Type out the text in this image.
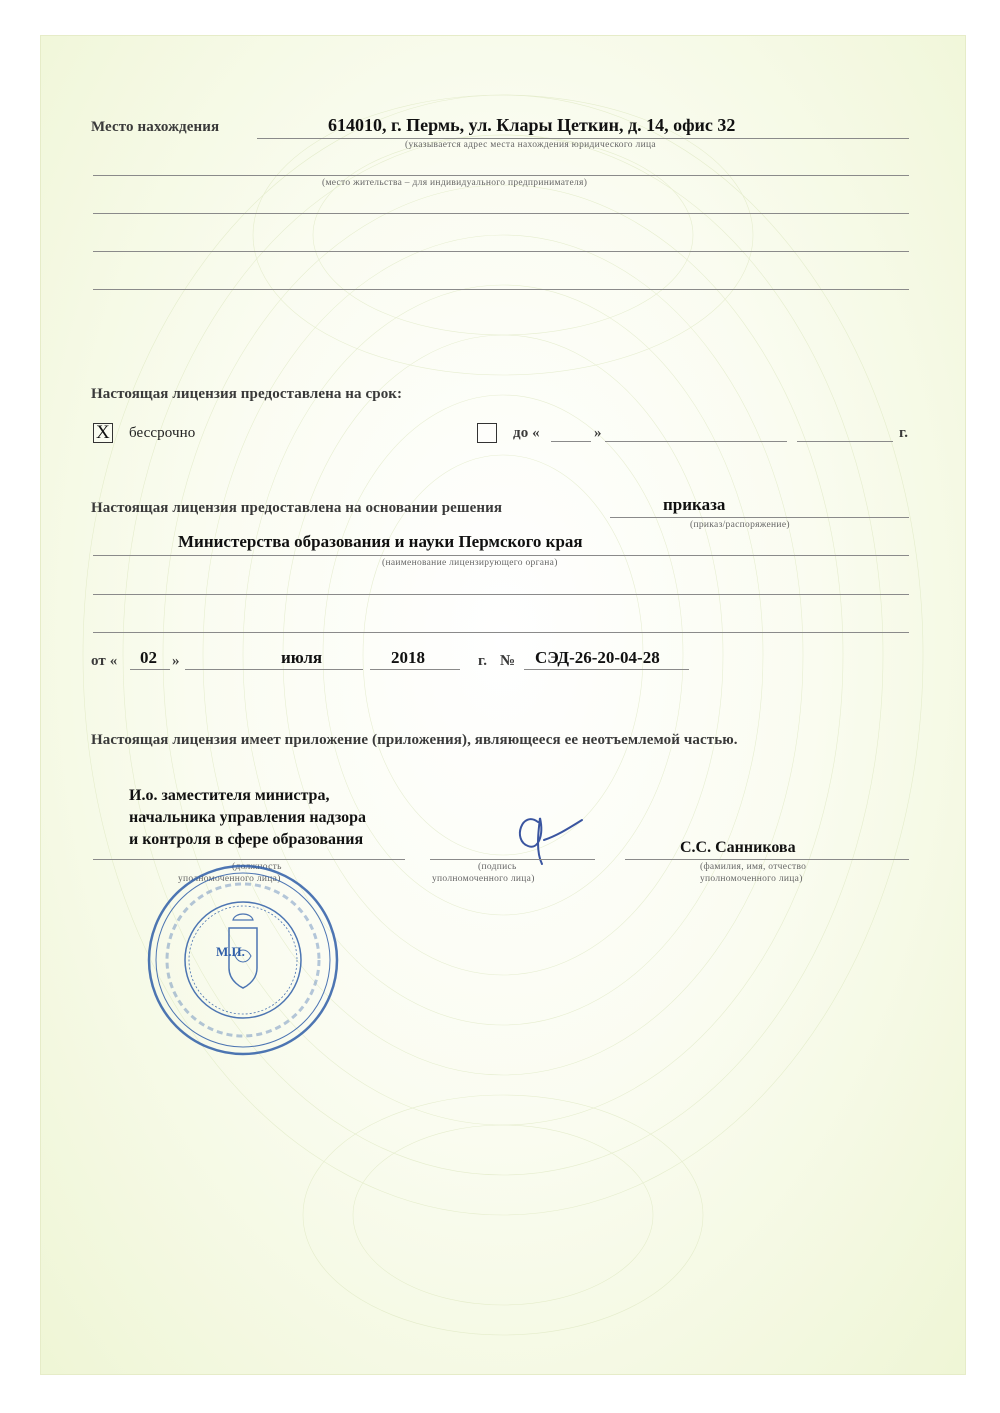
Место нахождения	614010, г. Пермь, ул. Клары Цеткин, д. 14, офис 32
(указывается адрес места нахождения юридического лица
(место жительства – для индивидуального предпринимателя)
Настоящая лицензия предоставлена на срок:
X бессрочно	до «	»	г.
Настоящая лицензия предоставлена на основании решения	приказа
(приказ/распоряжение)
Министерства образования и науки Пермского края
(наименование лицензирующего органа)
от « 02 »	июля	2018	г. № СЭД-26-20-04-28
Настоящая лицензия имеет приложение (приложения), являющееся ее неотъемлемой частью.
И.о. заместителя министра,
начальника управления надзора
и контроля в сфере образования
(должность
уполномоченного лица)
(подпись
уполномоченного лица)
С.С. Санникова
(фамилия, имя, отчество
уполномоченного лица)
М.П.
